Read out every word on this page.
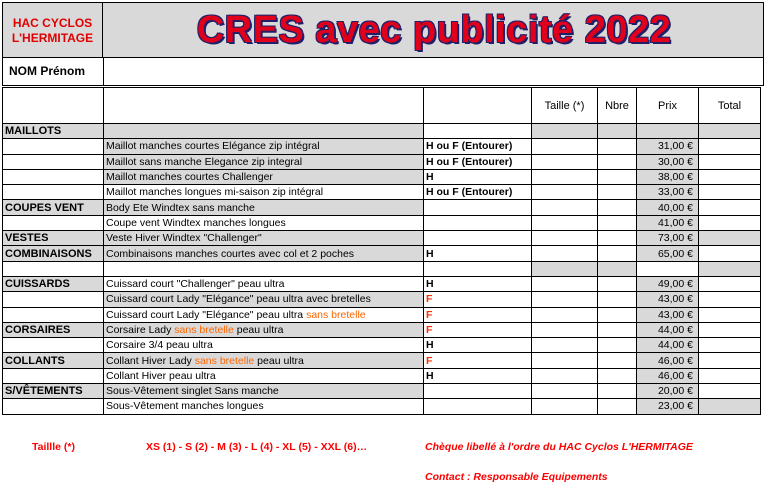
HAC CYCLOS
L'HERMITAGE	CRES avec publicité 2022
NOM Prénom
			Taille (*)	Nbre	Prix	Total
MAILLOTS						
	Maillot manches courtes Elégance zip intégral	H ou F (Entourer)			31,00 €	
	Maillot sans manche Elegance zip integral	H ou F (Entourer)			30,00 €	
	Maillot manches courtes Challenger	H			38,00 €	
	Maillot manches longues mi-saison zip intégral	H ou F (Entourer)			33,00 €	
COUPES VENT	Body Ete Windtex sans manche				40,00 €	
	Coupe vent Windtex manches longues				41,00 €	
VESTES	Veste Hiver Windtex "Challenger"				73,00 €	
COMBINAISONS	Combinaisons manches courtes avec col et 2 poches	H			65,00 €	

CUISSARDS	Cuissard court "Challenger" peau ultra	H			49,00 €	
	Cuissard court Lady "Elégance" peau ultra avec bretelles	F			43,00 €	
	Cuissard court Lady "Elégance" peau ultra sans bretelle	F			43,00 €	
CORSAIRES	Corsaire Lady sans bretelle peau ultra	F			44,00 €	
	Corsaire 3/4 peau ultra	H			44,00 €	
COLLANTS	Collant Hiver Lady sans bretelle peau ultra	F			46,00 €	
	Collant Hiver peau ultra	H			46,00 €	
S/VÊTEMENTS	Sous-Vêtement singlet Sans manche				20,00 €	
	Sous-Vêtement manches longues				23,00 €	
Taillle (*)	XS (1) - S (2) - M (3) - L (4) - XL (5) - XXL (6)…	Chèque libellé à l'ordre du HAC Cyclos L'HERMITAGE
Contact : Responsable Equipements
